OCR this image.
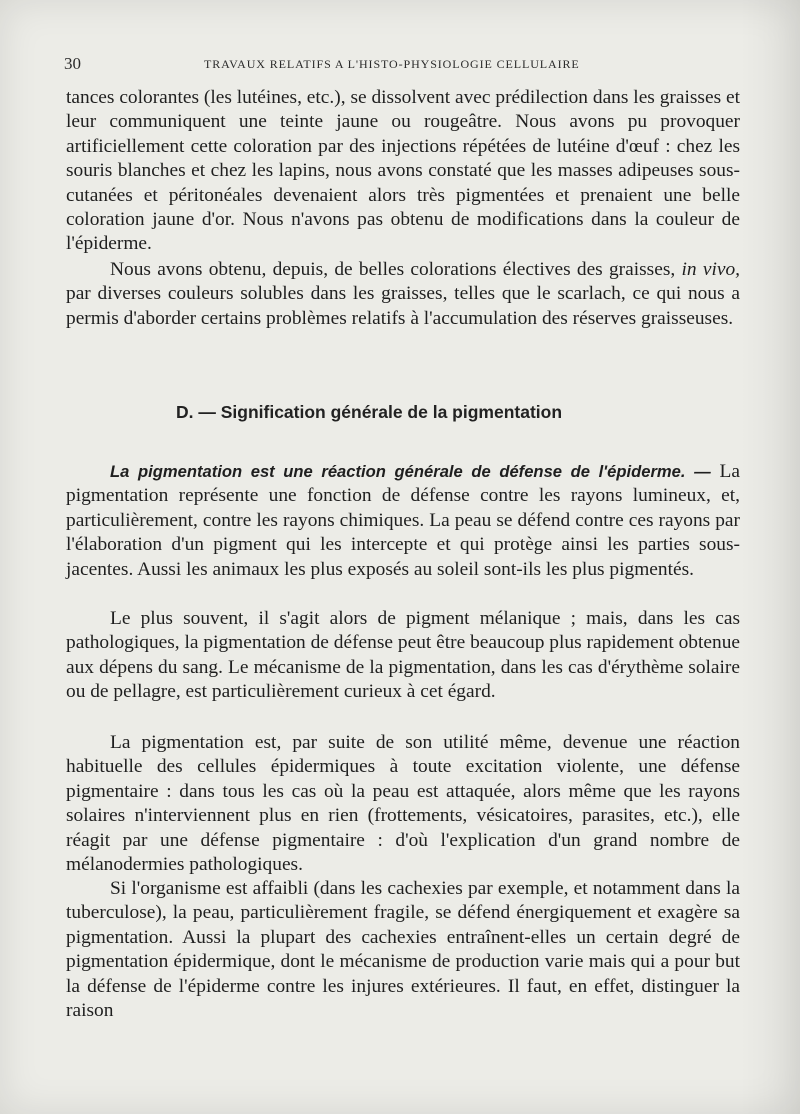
30	TRAVAUX RELATIFS A L'HISTO-PHYSIOLOGIE CELLULAIRE

tances colorantes (les lutéines, etc.), se dissolvent avec prédilection dans les graisses et leur communiquent une teinte jaune ou rougeâtre. Nous avons pu provoquer artificiellement cette coloration par des injections répétées de lutéine d'œuf : chez les souris blanches et chez les lapins, nous avons constaté que les masses adipeuses sous-cutanées et péritonéales devenaient alors très pigmentées et prenaient une belle coloration jaune d'or. Nous n'avons pas obtenu de modifications dans la couleur de l'épiderme.

Nous avons obtenu, depuis, de belles colorations électives des graisses, in vivo, par diverses couleurs solubles dans les graisses, telles que le scarlach, ce qui nous a permis d'aborder certains problèmes relatifs à l'accumulation des réserves graisseuses.

D. — Signification générale de la pigmentation

La pigmentation est une réaction générale de défense de l'épiderme. — La pigmentation représente une fonction de défense contre les rayons lumineux, et, particulièrement, contre les rayons chimiques. La peau se défend contre ces rayons par l'élaboration d'un pigment qui les intercepte et qui protège ainsi les parties sous-jacentes. Aussi les animaux les plus exposés au soleil sont-ils les plus pigmentés.

Le plus souvent, il s'agit alors de pigment mélanique ; mais, dans les cas pathologiques, la pigmentation de défense peut être beaucoup plus rapidement obtenue aux dépens du sang. Le mécanisme de la pigmentation, dans les cas d'érythème solaire ou de pellagre, est particulièrement curieux à cet égard.

La pigmentation est, par suite de son utilité même, devenue une réaction habituelle des cellules épidermiques à toute excitation violente, une défense pigmentaire : dans tous les cas où la peau est attaquée, alors même que les rayons solaires n'interviennent plus en rien (frottements, vésicatoires, parasites, etc.), elle réagit par une défense pigmentaire : d'où l'explication d'un grand nombre de mélanodermies pathologiques.

Si l'organisme est affaibli (dans les cachexies par exemple, et notamment dans la tuberculose), la peau, particulièrement fragile, se défend énergiquement et exagère sa pigmentation. Aussi la plupart des cachexies entraînent-elles un certain degré de pigmentation épidermique, dont le mécanisme de production varie mais qui a pour but la défense de l'épiderme contre les injures extérieures. Il faut, en effet, distinguer la raison
